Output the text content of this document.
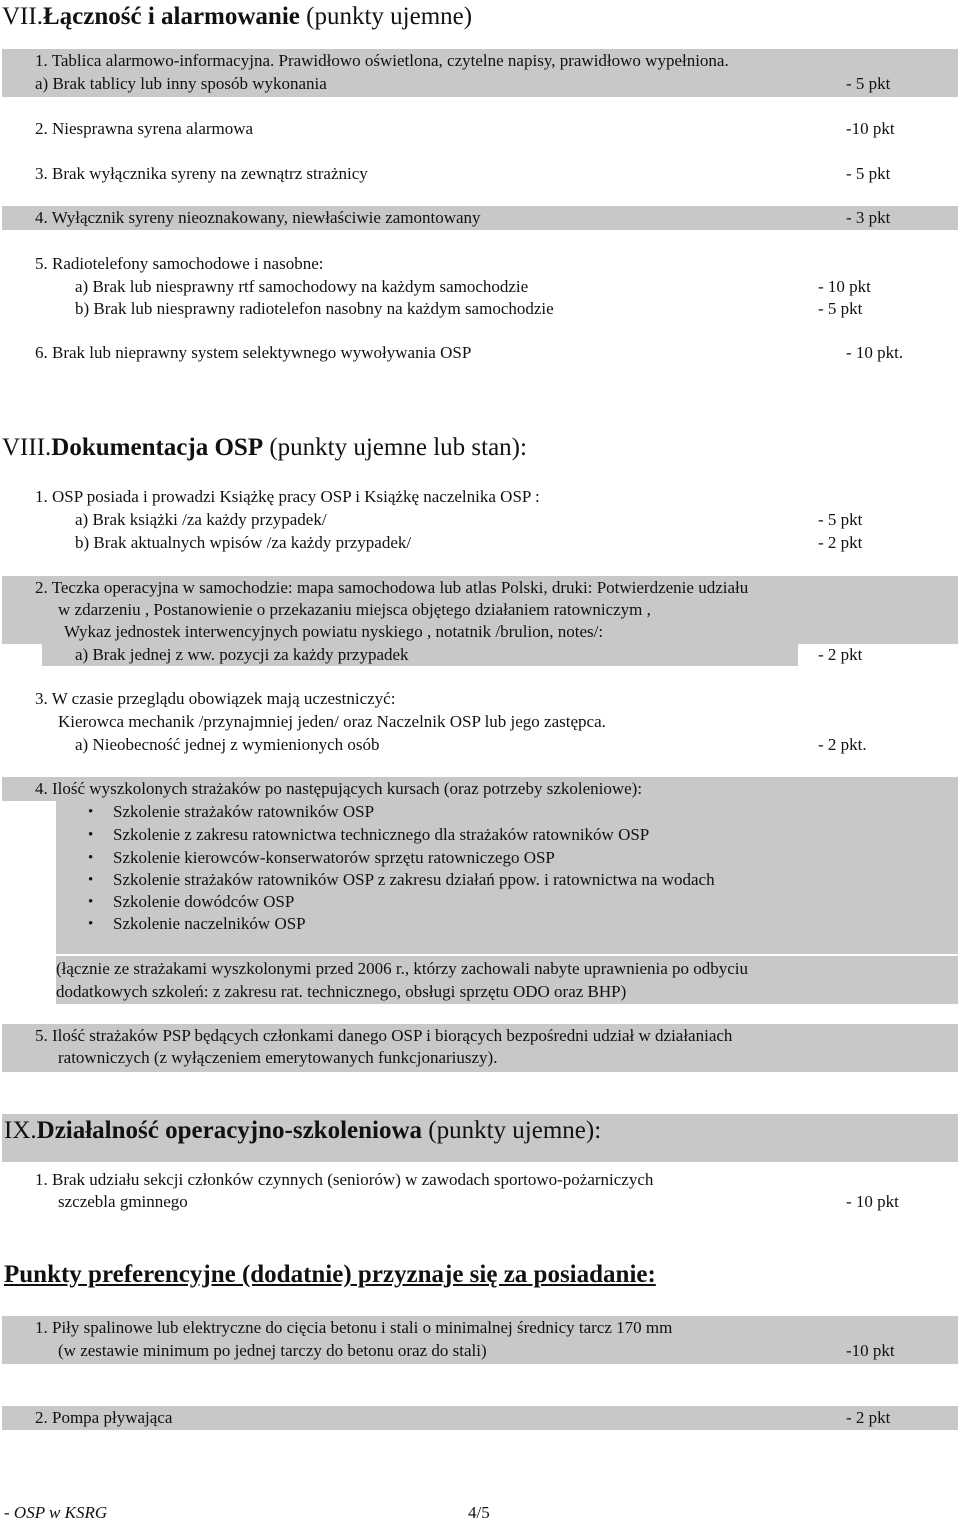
VII.Łączność i alarmowanie (punkty ujemne)
1. Tablica alarmowo-informacyjna. Prawidłowo oświetlona, czytelne napisy, prawidłowo wypełniona.
a) Brak tablicy lub inny sposób wykonania	- 5 pkt
2. Niesprawna syrena alarmowa	-10 pkt
3. Brak wyłącznika syreny na zewnątrz strażnicy	- 5 pkt
4. Wyłącznik syreny nieoznakowany, niewłaściwie zamontowany	- 3 pkt
5. Radiotelefony samochodowe i nasobne:
a) Brak lub niesprawny rtf samochodowy na każdym samochodzie	- 10 pkt
b) Brak lub niesprawny radiotelefon nasobny na każdym samochodzie	- 5 pkt
6. Brak lub nieprawny system selektywnego wywoływania OSP	- 10 pkt.
VIII.Dokumentacja OSP (punkty ujemne lub stan):
1. OSP posiada i prowadzi Książkę pracy OSP i Książkę naczelnika OSP :
a) Brak książki /za każdy przypadek/	- 5 pkt
b) Brak aktualnych wpisów /za każdy przypadek/	- 2 pkt
2. Teczka operacyjna w samochodzie: mapa samochodowa lub atlas Polski, druki: Potwierdzenie udziału
w zdarzeniu , Postanowienie o przekazaniu miejsca objętego działaniem ratowniczym ,
Wykaz jednostek interwencyjnych powiatu nyskiego , notatnik /brulion, notes/:
a) Brak jednej z ww. pozycji za każdy przypadek	- 2 pkt
3. W czasie przeglądu obowiązek mają uczestniczyć:
Kierowca mechanik /przynajmniej jeden/ oraz Naczelnik OSP lub jego zastępca.
a) Nieobecność jednej z wymienionych osób	- 2 pkt.
4. Ilość wyszkolonych strażaków po następujących kursach (oraz potrzeby szkoleniowe):
• Szkolenie strażaków ratowników OSP
• Szkolenie z zakresu ratownictwa technicznego dla strażaków ratowników OSP
• Szkolenie kierowców-konserwatorów sprzętu ratowniczego OSP
• Szkolenie strażaków ratowników OSP z zakresu działań ppow. i ratownictwa na wodach
• Szkolenie dowódców OSP
• Szkolenie naczelników OSP
(łącznie ze strażakami wyszkolonymi przed 2006 r., którzy zachowali nabyte uprawnienia po odbyciu
dodatkowych szkoleń: z zakresu rat. technicznego, obsługi sprzętu ODO oraz BHP)
5. Ilość strażaków PSP będących członkami danego OSP i biorących bezpośredni udział w działaniach
ratowniczych (z wyłączeniem emerytowanych funkcjonariuszy).
IX.Działalność operacyjno-szkoleniowa (punkty ujemne):
1. Brak udziału sekcji członków czynnych (seniorów) w zawodach sportowo-pożarniczych
szczebla gminnego	- 10 pkt
Punkty preferencyjne (dodatnie) przyznaje się za posiadanie:
1. Piły spalinowe lub elektryczne do cięcia betonu i stali o minimalnej średnicy tarcz 170 mm
(w zestawie minimum po jednej tarczy do betonu oraz do stali)	-10 pkt
2. Pompa pływająca	- 2 pkt
- OSP w KSRG	4/5
